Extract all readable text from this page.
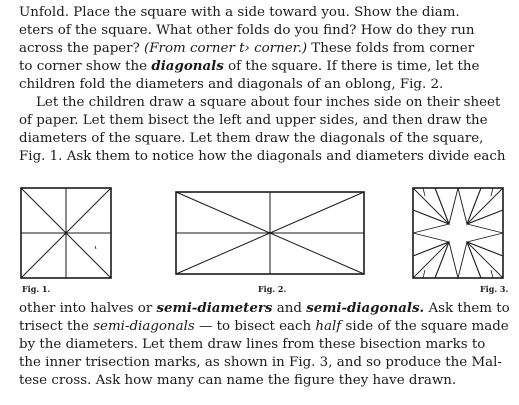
Unfold. Place the square with a side toward you. Show the diam.
eters of the square. What other folds do you find? How do they run
across the paper? (From corner t› corner.) These folds from corner
to corner show the diagonals of the square. If there is time, let the
children fold the diameters and diagonals of an oblong, Fig. 2.
Let the children draw a square about four inches side on their sheet
of paper. Let them bisect the left and upper sides, and then draw the
diameters of the square. Let them draw the diagonals of the square,
Fig. 1. Ask them to notice how the diagonals and diameters divide each
Fig. 1.	Fig. 2.	Fig. 3.
other into halves or semi-diameters and semi-diagonals. Ask them to
trisect the semi-diagonals — to bisect each half side of the square made
by the diameters. Let them draw lines from these bisection marks to
the inner trisection marks, as shown in Fig. 3, and so produce the Mal-
tese cross. Ask how many can name the figure they have drawn.
